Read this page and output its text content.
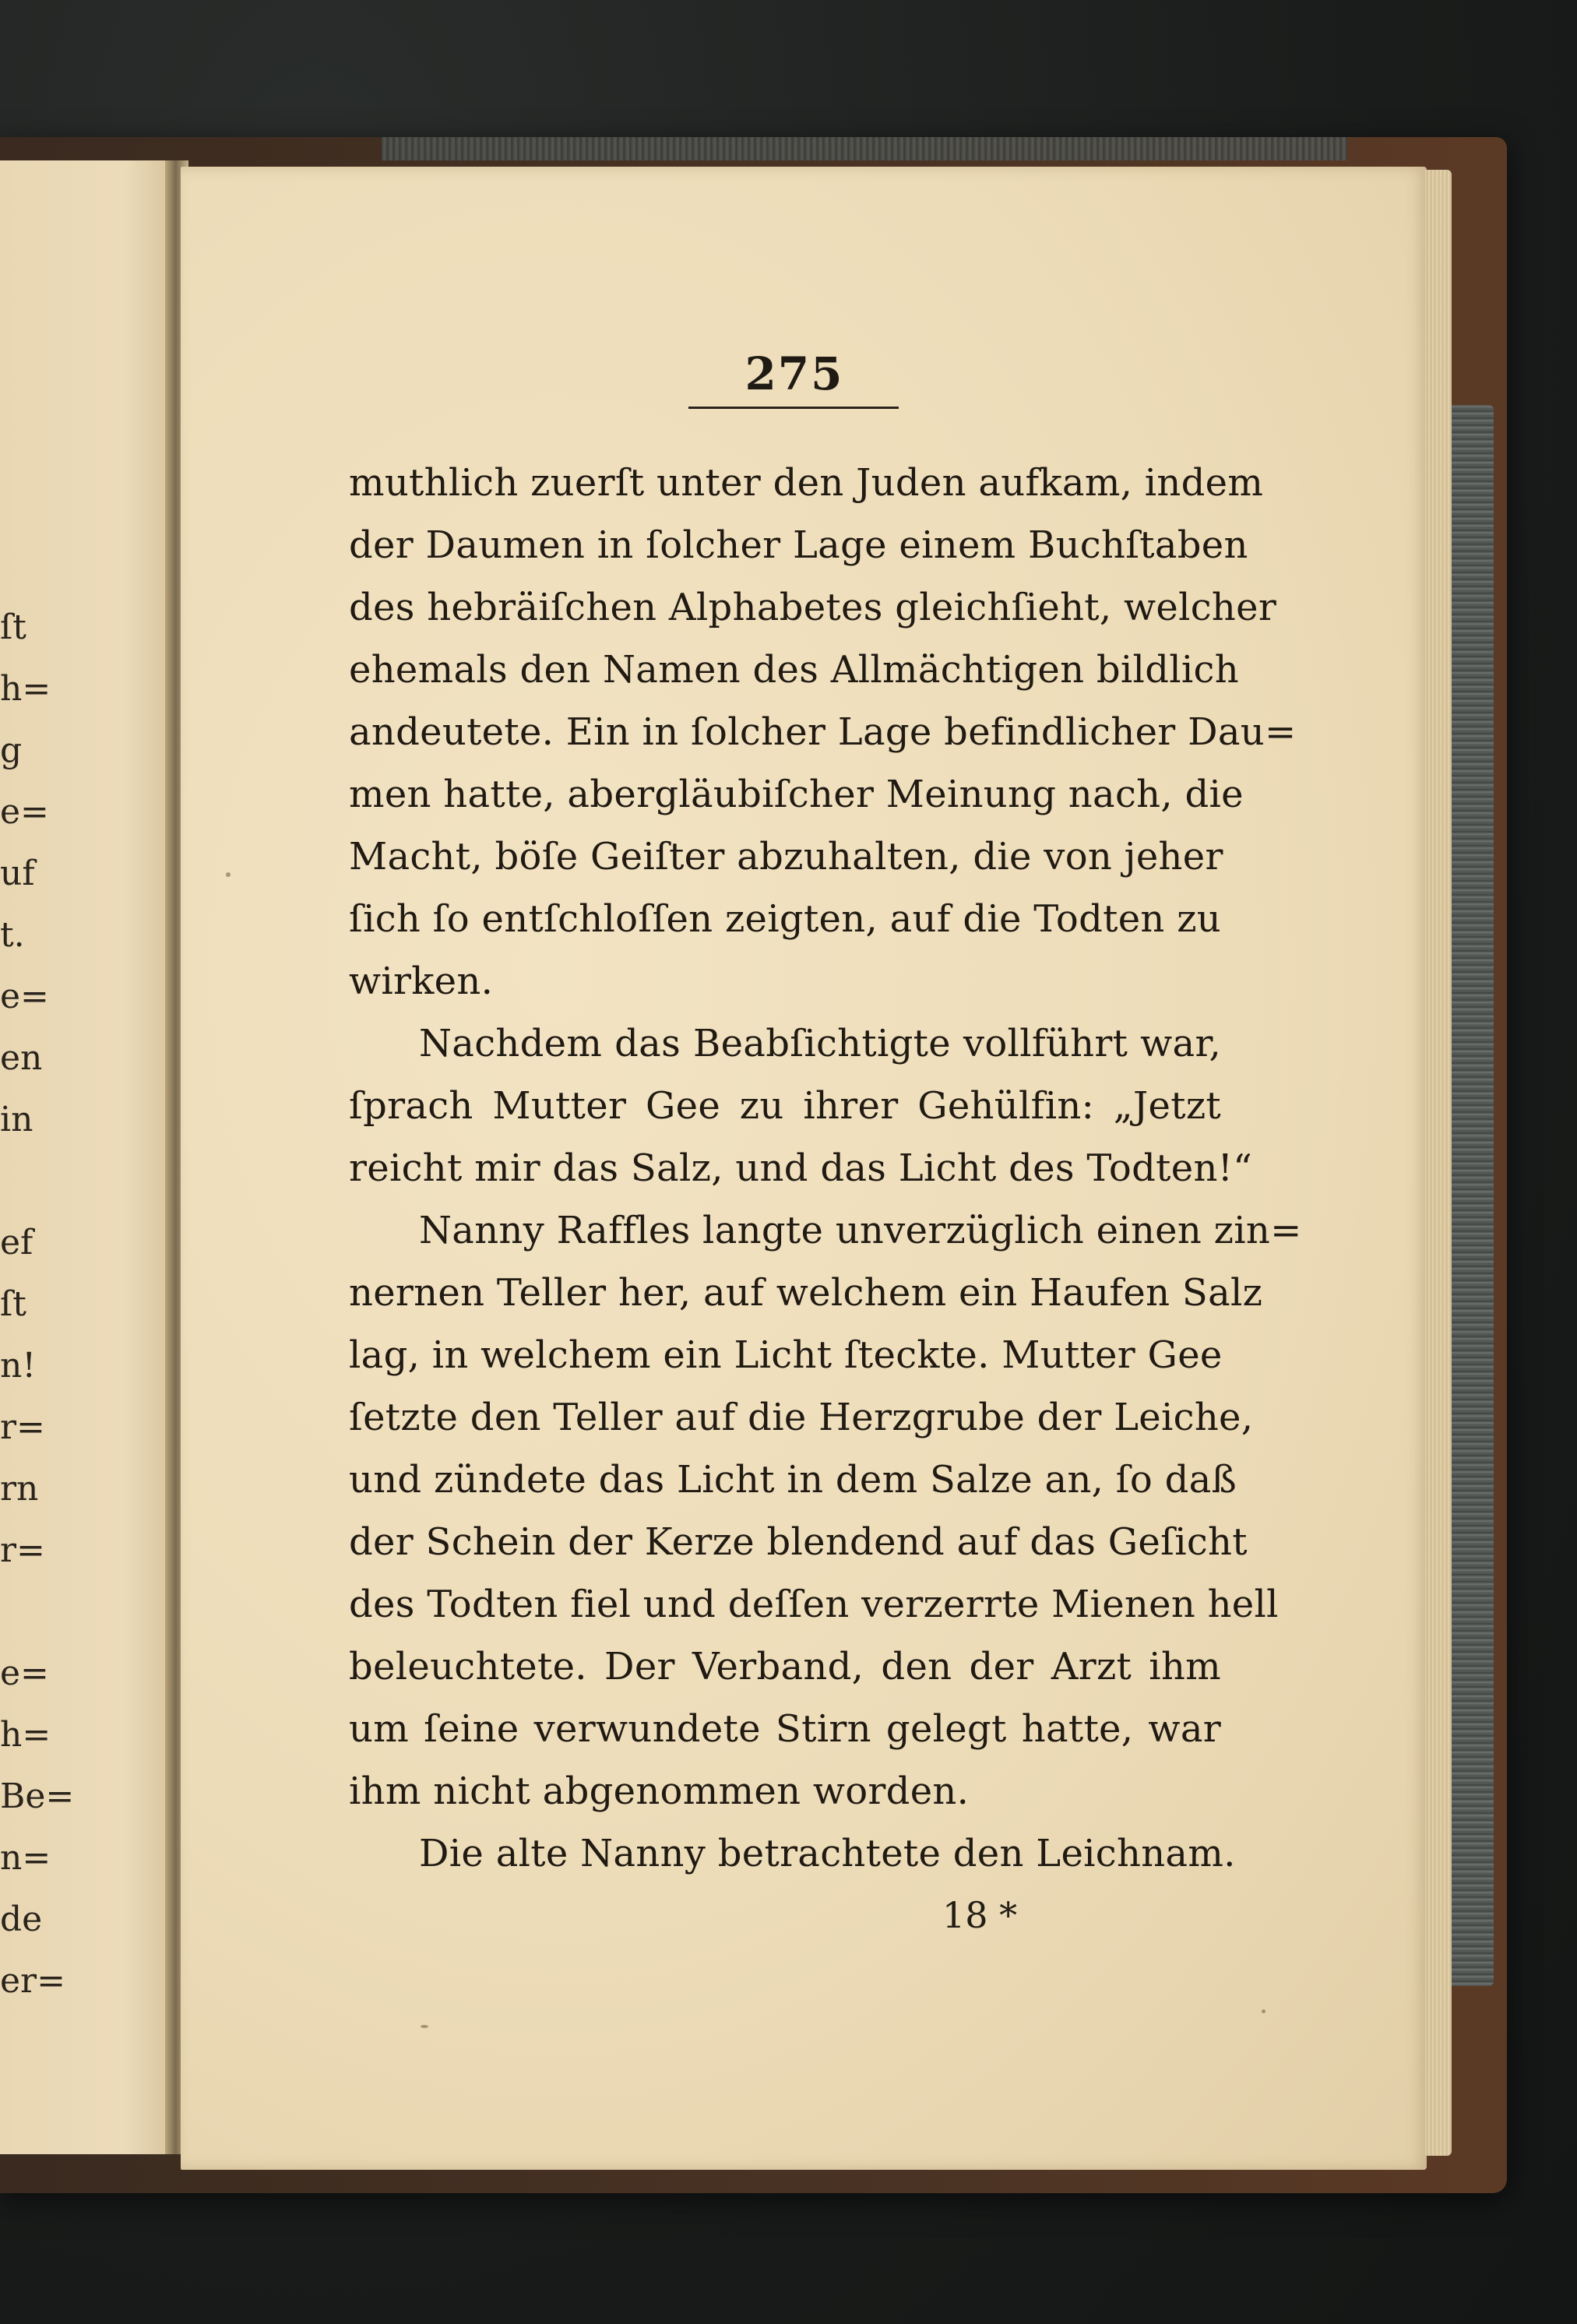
ſt
h=
g
e=
uf
t.
e=
en
in

ef
ſt
n!
r=
rn
r=

e=
h=
Be=
n=
de
er=
275
muthlich zuerſt unter den Juden aufkam, indem
der Daumen in ſolcher Lage einem Buchſtaben
des hebräiſchen Alphabetes gleichſieht, welcher
ehemals den Namen des Allmächtigen bildlich
andeutete. Ein in ſolcher Lage befindlicher Dau=
men hatte, abergläubiſcher Meinung nach, die
Macht, böſe Geiſter abzuhalten, die von jeher
ſich ſo entſchloſſen zeigten, auf die Todten zu
wirken.
Nachdem das Beabſichtigte vollführt war,
ſprach Mutter Gee zu ihrer Gehülfin: „Jetzt
reicht mir das Salz, und das Licht des Todten!“
Nanny Raffles langte unverzüglich einen zin=
nernen Teller her, auf welchem ein Haufen Salz
lag, in welchem ein Licht ſteckte. Mutter Gee
ſetzte den Teller auf die Herzgrube der Leiche,
und zündete das Licht in dem Salze an, ſo daß
der Schein der Kerze blendend auf das Geſicht
des Todten fiel und deſſen verzerrte Mienen hell
beleuchtete. Der Verband, den der Arzt ihm
um ſeine verwundete Stirn gelegt hatte, war
ihm nicht abgenommen worden.
Die alte Nanny betrachtete den Leichnam.
18 *
